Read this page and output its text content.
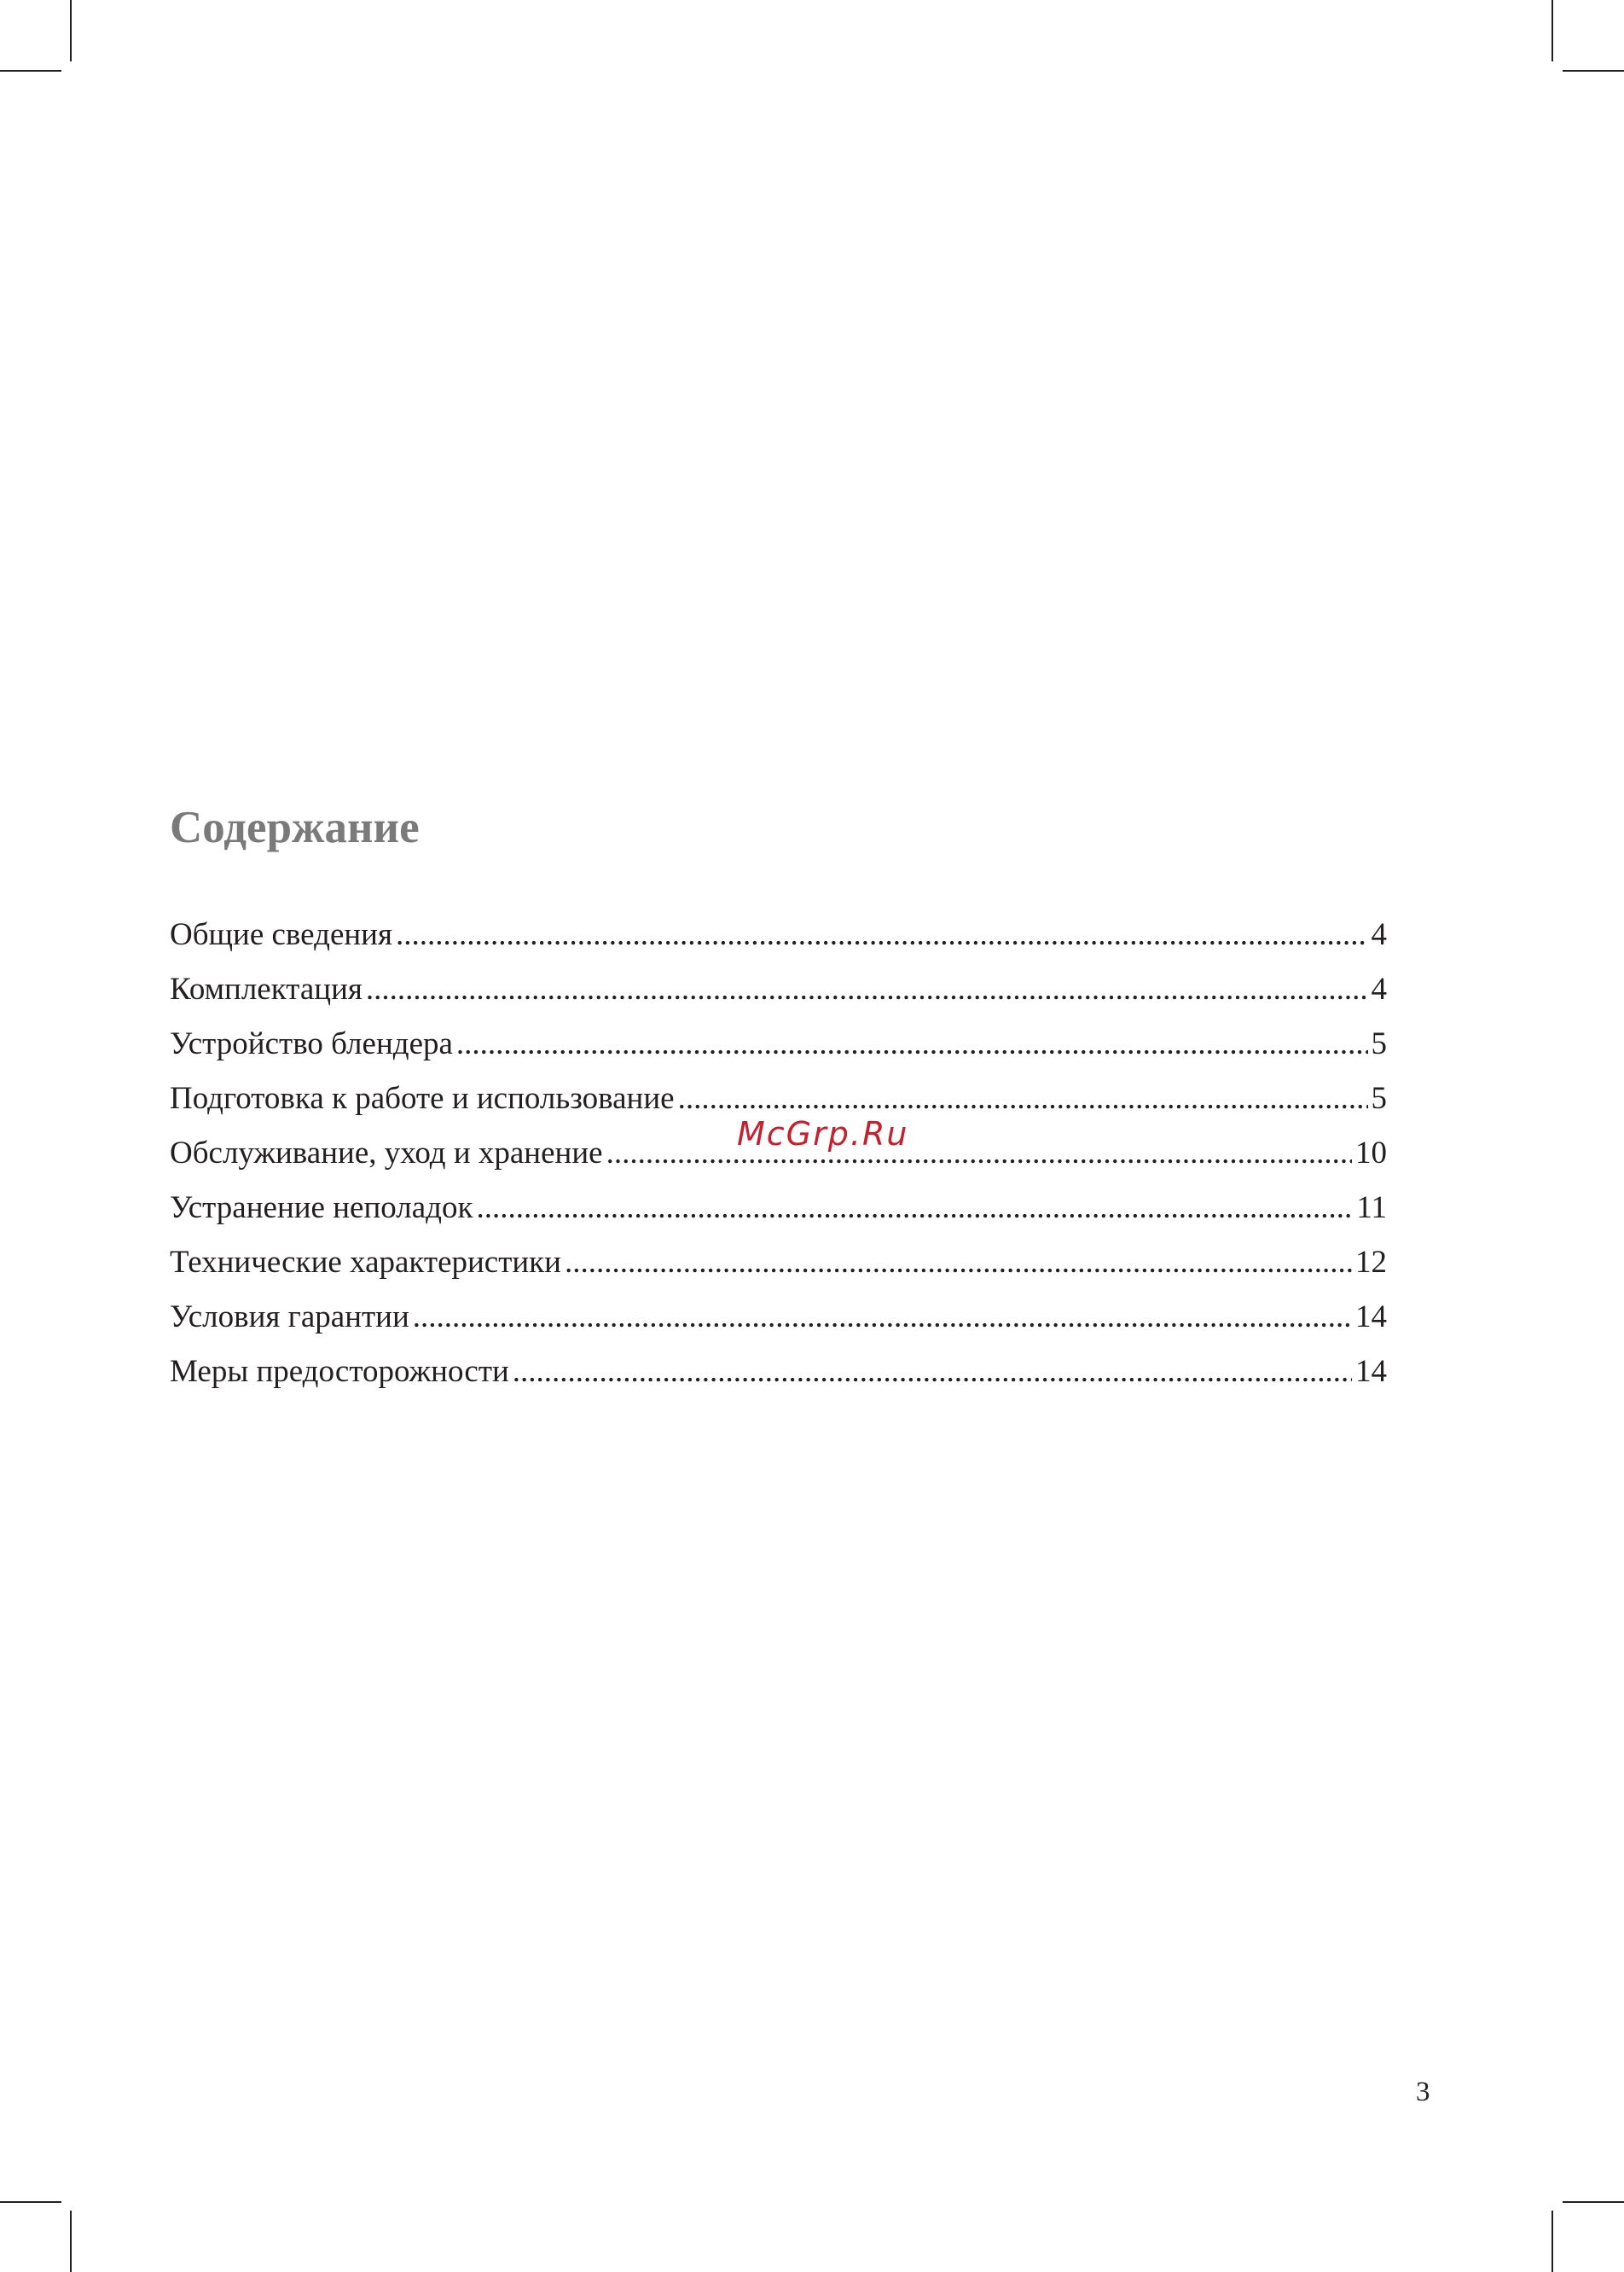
Содержание
Общие сведения .....	4
Комплектация .....	4
Устройство блендера .....	5
Подготовка к работе и использование .....	5
Обслуживание, уход и хранение .....	10
Устранение неполадок .....	11
Технические характеристики .....	12
Условия гарантии .....	14
Меры предосторожности .....	14
McGrp.Ru
3
